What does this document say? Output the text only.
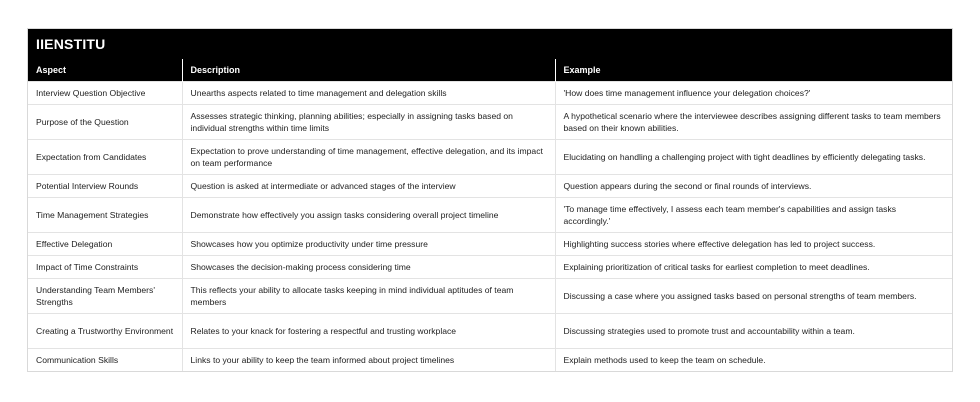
IIENSTITU
Aspect	Description	Example
Interview Question Objective	Unearths aspects related to time management and delegation skills	'How does time management influence your delegation choices?'
Purpose of the Question	Assesses strategic thinking, planning abilities; especially in assigning tasks based on individual strengths within time limits	A hypothetical scenario where the interviewee describes assigning different tasks to team members based on their known abilities.
Expectation from Candidates	Expectation to prove understanding of time management, effective delegation, and its impact on team performance	Elucidating on handling a challenging project with tight deadlines by efficiently delegating tasks.
Potential Interview Rounds	Question is asked at intermediate or advanced stages of the interview	Question appears during the second or final rounds of interviews.
Time Management Strategies	Demonstrate how effectively you assign tasks considering overall project timeline	'To manage time effectively, I assess each team member's capabilities and assign tasks accordingly.'
Effective Delegation	Showcases how you optimize productivity under time pressure	Highlighting success stories where effective delegation has led to project success.
Impact of Time Constraints	Showcases the decision-making process considering time	Explaining prioritization of critical tasks for earliest completion to meet deadlines.
Understanding Team Members' Strengths	This reflects your ability to allocate tasks keeping in mind individual aptitudes of team members	Discussing a case where you assigned tasks based on personal strengths of team members.
Creating a Trustworthy Environment	Relates to your knack for fostering a respectful and trusting workplace	Discussing strategies used to promote trust and accountability within a team.
Communication Skills	Links to your ability to keep the team informed about project timelines	Explain methods used to keep the team on schedule.
